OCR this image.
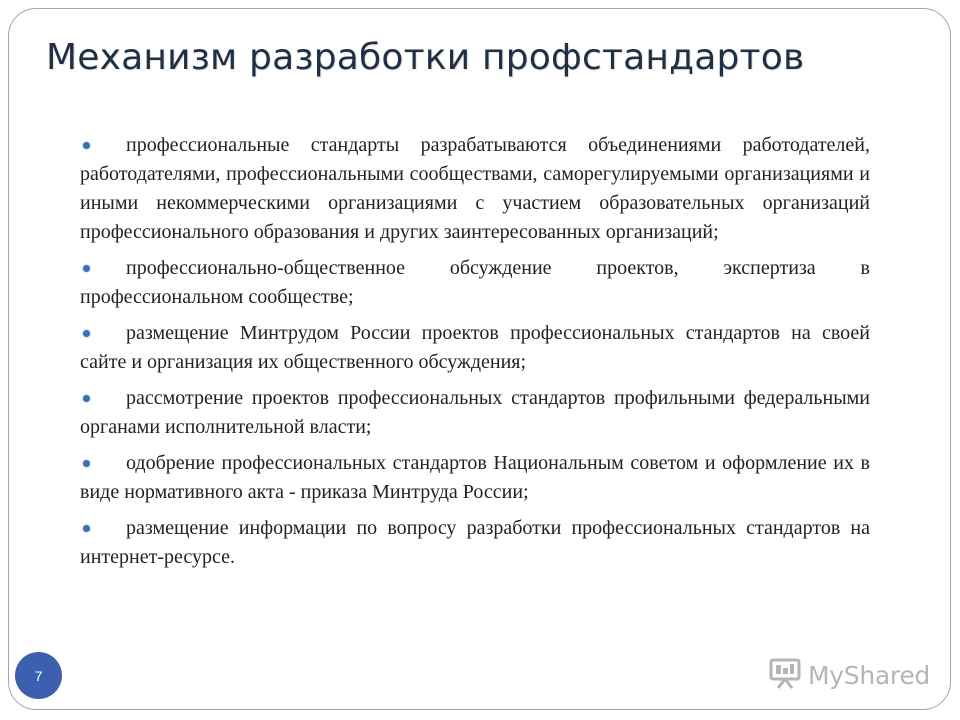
Механизм разработки профстандартов
профессиональные стандарты разрабатываются объединениями работодателей, работодателями, профессиональными сообществами, саморегулируемыми организациями и иными некоммерческими организациями с участием образовательных организаций профессионального образования и других заинтересованных организаций;
профессионально-общественное обсуждение проектов, экспертиза в профессиональном сообществе;
размещение Минтрудом России проектов профессиональных стандартов на своей сайте и организация их общественного обсуждения;
рассмотрение проектов профессиональных стандартов профильными федеральными органами исполнительной власти;
одобрение профессиональных стандартов Национальным советом и оформление их в виде нормативного акта - приказа Минтруда России;
размещение информации по вопросу разработки профессиональных стандартов на интернет-ресурсе.
7	MyShared
